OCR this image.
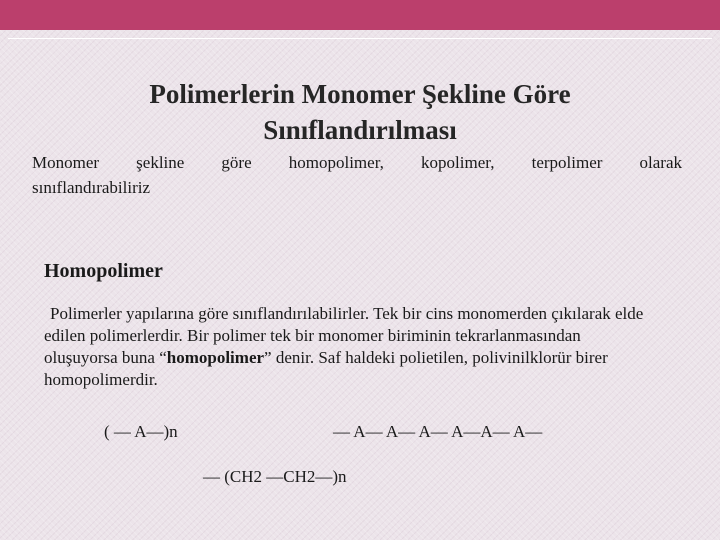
Polimerlerin Monomer Şekline Göre
Sınıflandırılması
Monomer şekline göre homopolimer, kopolimer, terpolimer olarak
sınıflandırabiliriz
Homopolimer

Polimerler yapılarına göre sınıflandırılabilirler. Tek bir cins monomerden çıkılarak elde edilen polimerlerdir. Bir polimer tek bir monomer biriminin tekrarlanmasından oluşuyorsa buna “homopolimer” denir. Saf haldeki polietilen, polivinilklorür birer homopolimerdir.

( — A—)n	— A— A— A— A—A— A—
— (CH2 —CH2—)n
